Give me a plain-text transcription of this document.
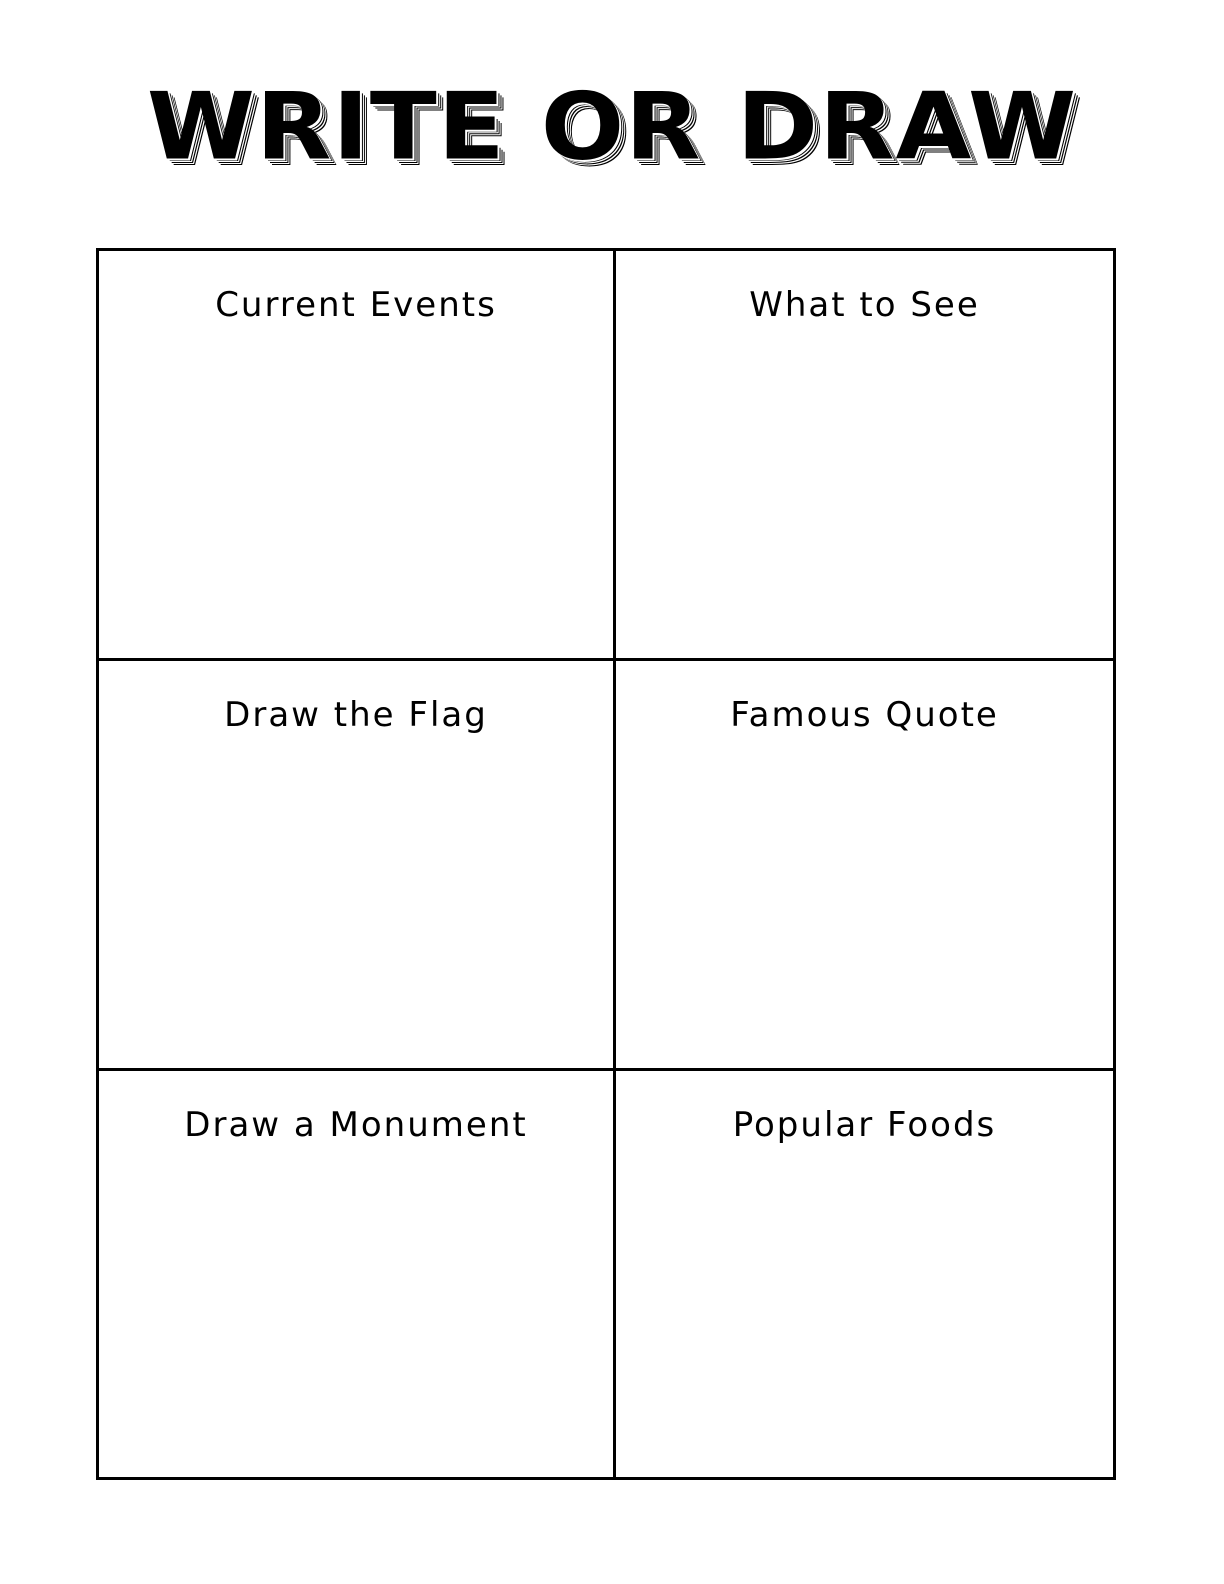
WRITE OR DRAW
Current Events	What to See
Draw the Flag	Famous Quote
Draw a Monument	Popular Foods
